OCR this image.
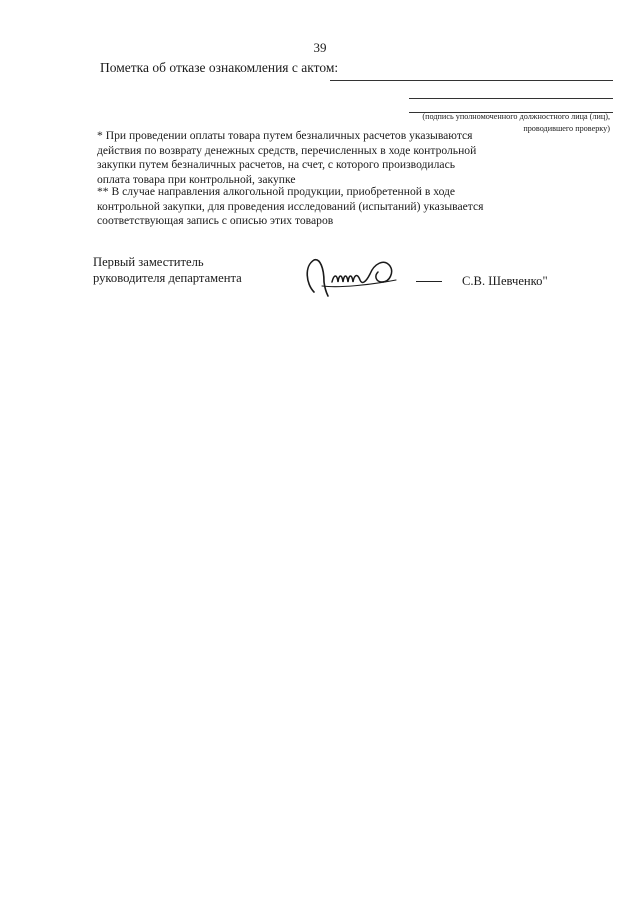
39
Пометка об отказе ознакомления с актом:
(подпись уполномоченного должностного лица (лиц),
проводившего проверку)
* При проведении оплаты товара путем безналичных расчетов указываются
действия по возврату денежных средств, перечисленных в ходе контрольной
закупки путем безналичных расчетов, на счет, с которого производилась
оплата товара при контрольной, закупке
** В случае направления алкогольной продукции, приобретенной в ходе
контрольной закупки, для проведения исследований (испытаний) указывается
соответствующая запись с описью этих товаров
Первый заместитель
руководителя департамента	С.В. Шевченко"
